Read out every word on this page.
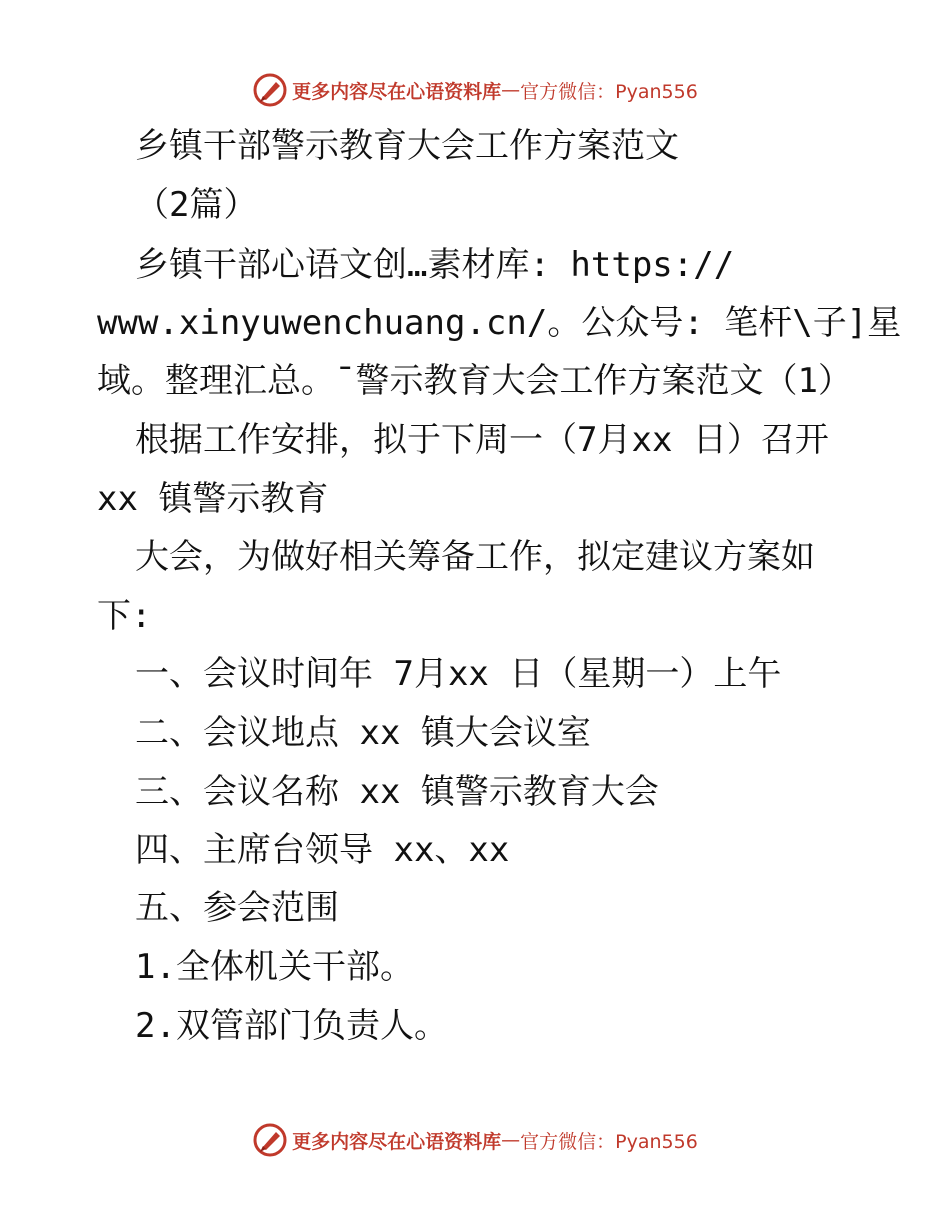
更多内容尽在心语资料库 — 官方微信：Pyan556
乡镇干部警示教育大会工作方案范文
（2篇）
乡镇干部心语文创…素材库: https://
www.xinyuwenchuang.cn/。公众号: 笔杆\子]星
域。整理汇总。¯警示教育大会工作方案范文（1）
根据工作安排，拟于下周一（7月xx 日）召开
xx 镇警示教育
大会，为做好相关筹备工作，拟定建议方案如
下:
一、会议时间年 7月xx 日（星期一）上午
二、会议地点 xx 镇大会议室
三、会议名称 xx 镇警示教育大会
四、主席台领导 xx、xx
五、参会范围
1.全体机关干部。
2.双管部门负责人。
更多内容尽在心语资料库 — 官方微信：Pyan556
